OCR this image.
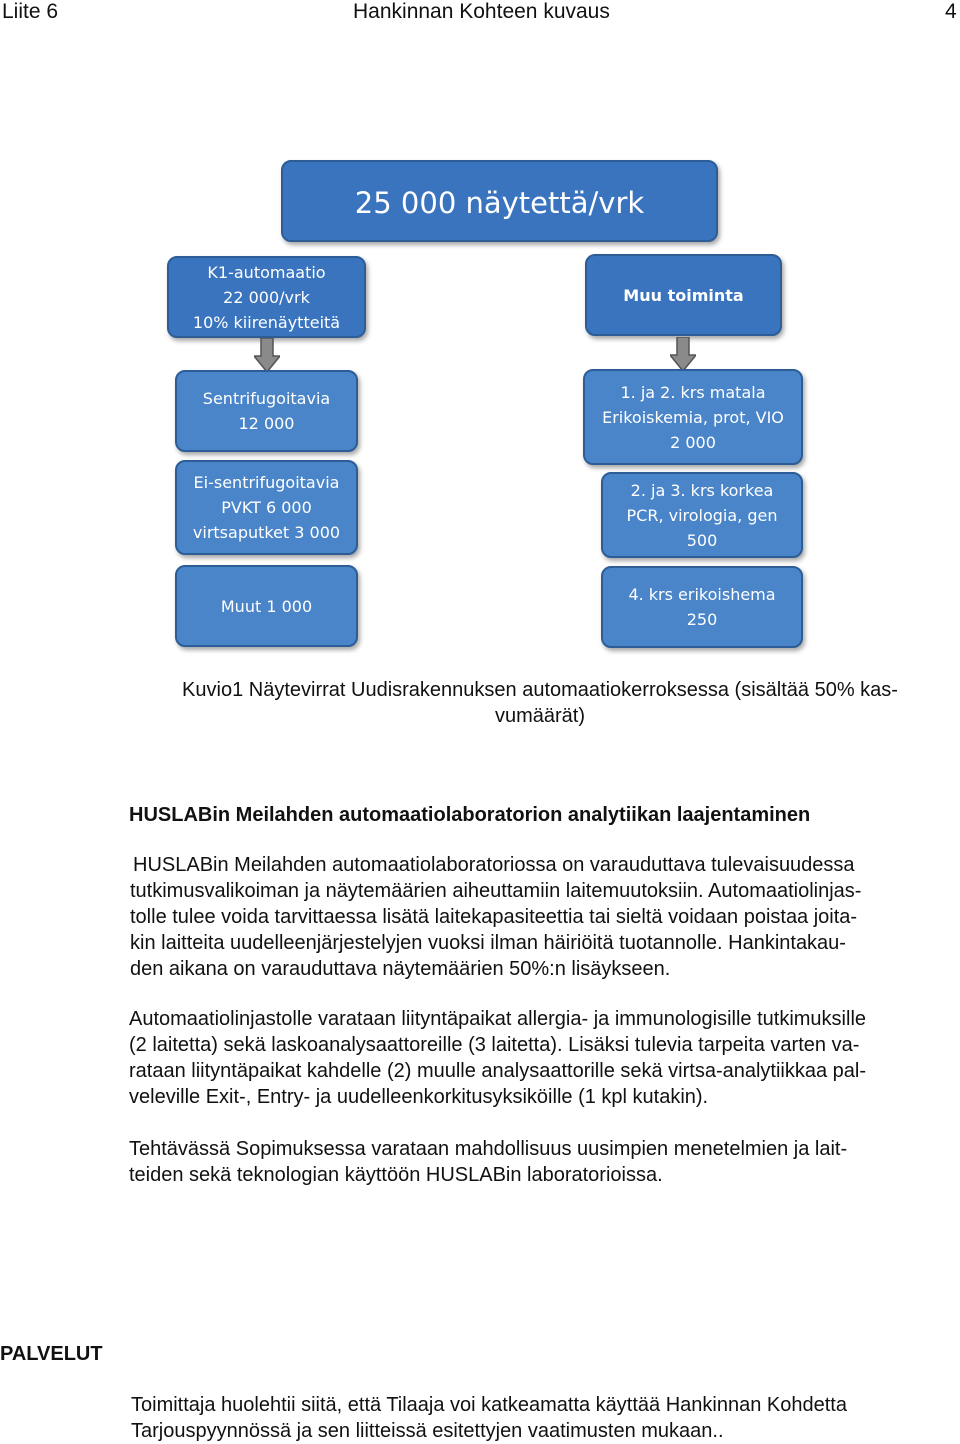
Liite 6	Hankinnan Kohteen kuvaus	4
25 000 näytettä/vrk
K1-automaatio
22 000/vrk
10% kiirenäytteitä
Muu toiminta
Sentrifugoitavia
12 000
Ei-sentrifugoitavia
PVKT 6 000
virtsaputket 3 000
Muut 1 000
1. ja 2. krs matala
Erikoiskemia, prot, VIO
2 000
2. ja 3. krs korkea
PCR, virologia, gen
500
4. krs erikoishema
250
Kuvio1 Näytevirrat Uudisrakennuksen automaatiokerroksessa (sisältää 50% kas-
vumäärät)
HUSLABin Meilahden automaatiolaboratorion analytiikan laajentaminen
HUSLABin Meilahden automaatiolaboratoriossa on varauduttava tulevaisuudessa
tutkimusvalikoiman ja näytemäärien aiheuttamiin laitemuutoksiin. Automaatiolinjas-
tolle tulee voida tarvittaessa lisätä laitekapasiteettia tai sieltä voidaan poistaa joita-
kin laitteita uudelleenjärjestelyjen vuoksi ilman häiriöitä tuotannolle. Hankintakau-
den aikana on varauduttava näytemäärien 50%:n lisäykseen.
Automaatiolinjastolle varataan liityntäpaikat allergia- ja immunologisille tutkimuksille
(2 laitetta) sekä laskoanalysaattoreille (3 laitetta). Lisäksi tulevia tarpeita varten va-
rataan liityntäpaikat kahdelle (2) muulle analysaattorille sekä virtsa-analytiikkaa pal-
veleville Exit-, Entry- ja uudelleenkorkitusyksiköille (1 kpl kutakin).
Tehtävässä Sopimuksessa varataan mahdollisuus uusimpien menetelmien ja lait-
teiden sekä teknologian käyttöön HUSLABin laboratorioissa.
PALVELUT
Toimittaja huolehtii siitä, että Tilaaja voi katkeamatta käyttää Hankinnan Kohdetta
Tarjouspyynnössä ja sen liitteissä esitettyjen vaatimusten mukaan..
